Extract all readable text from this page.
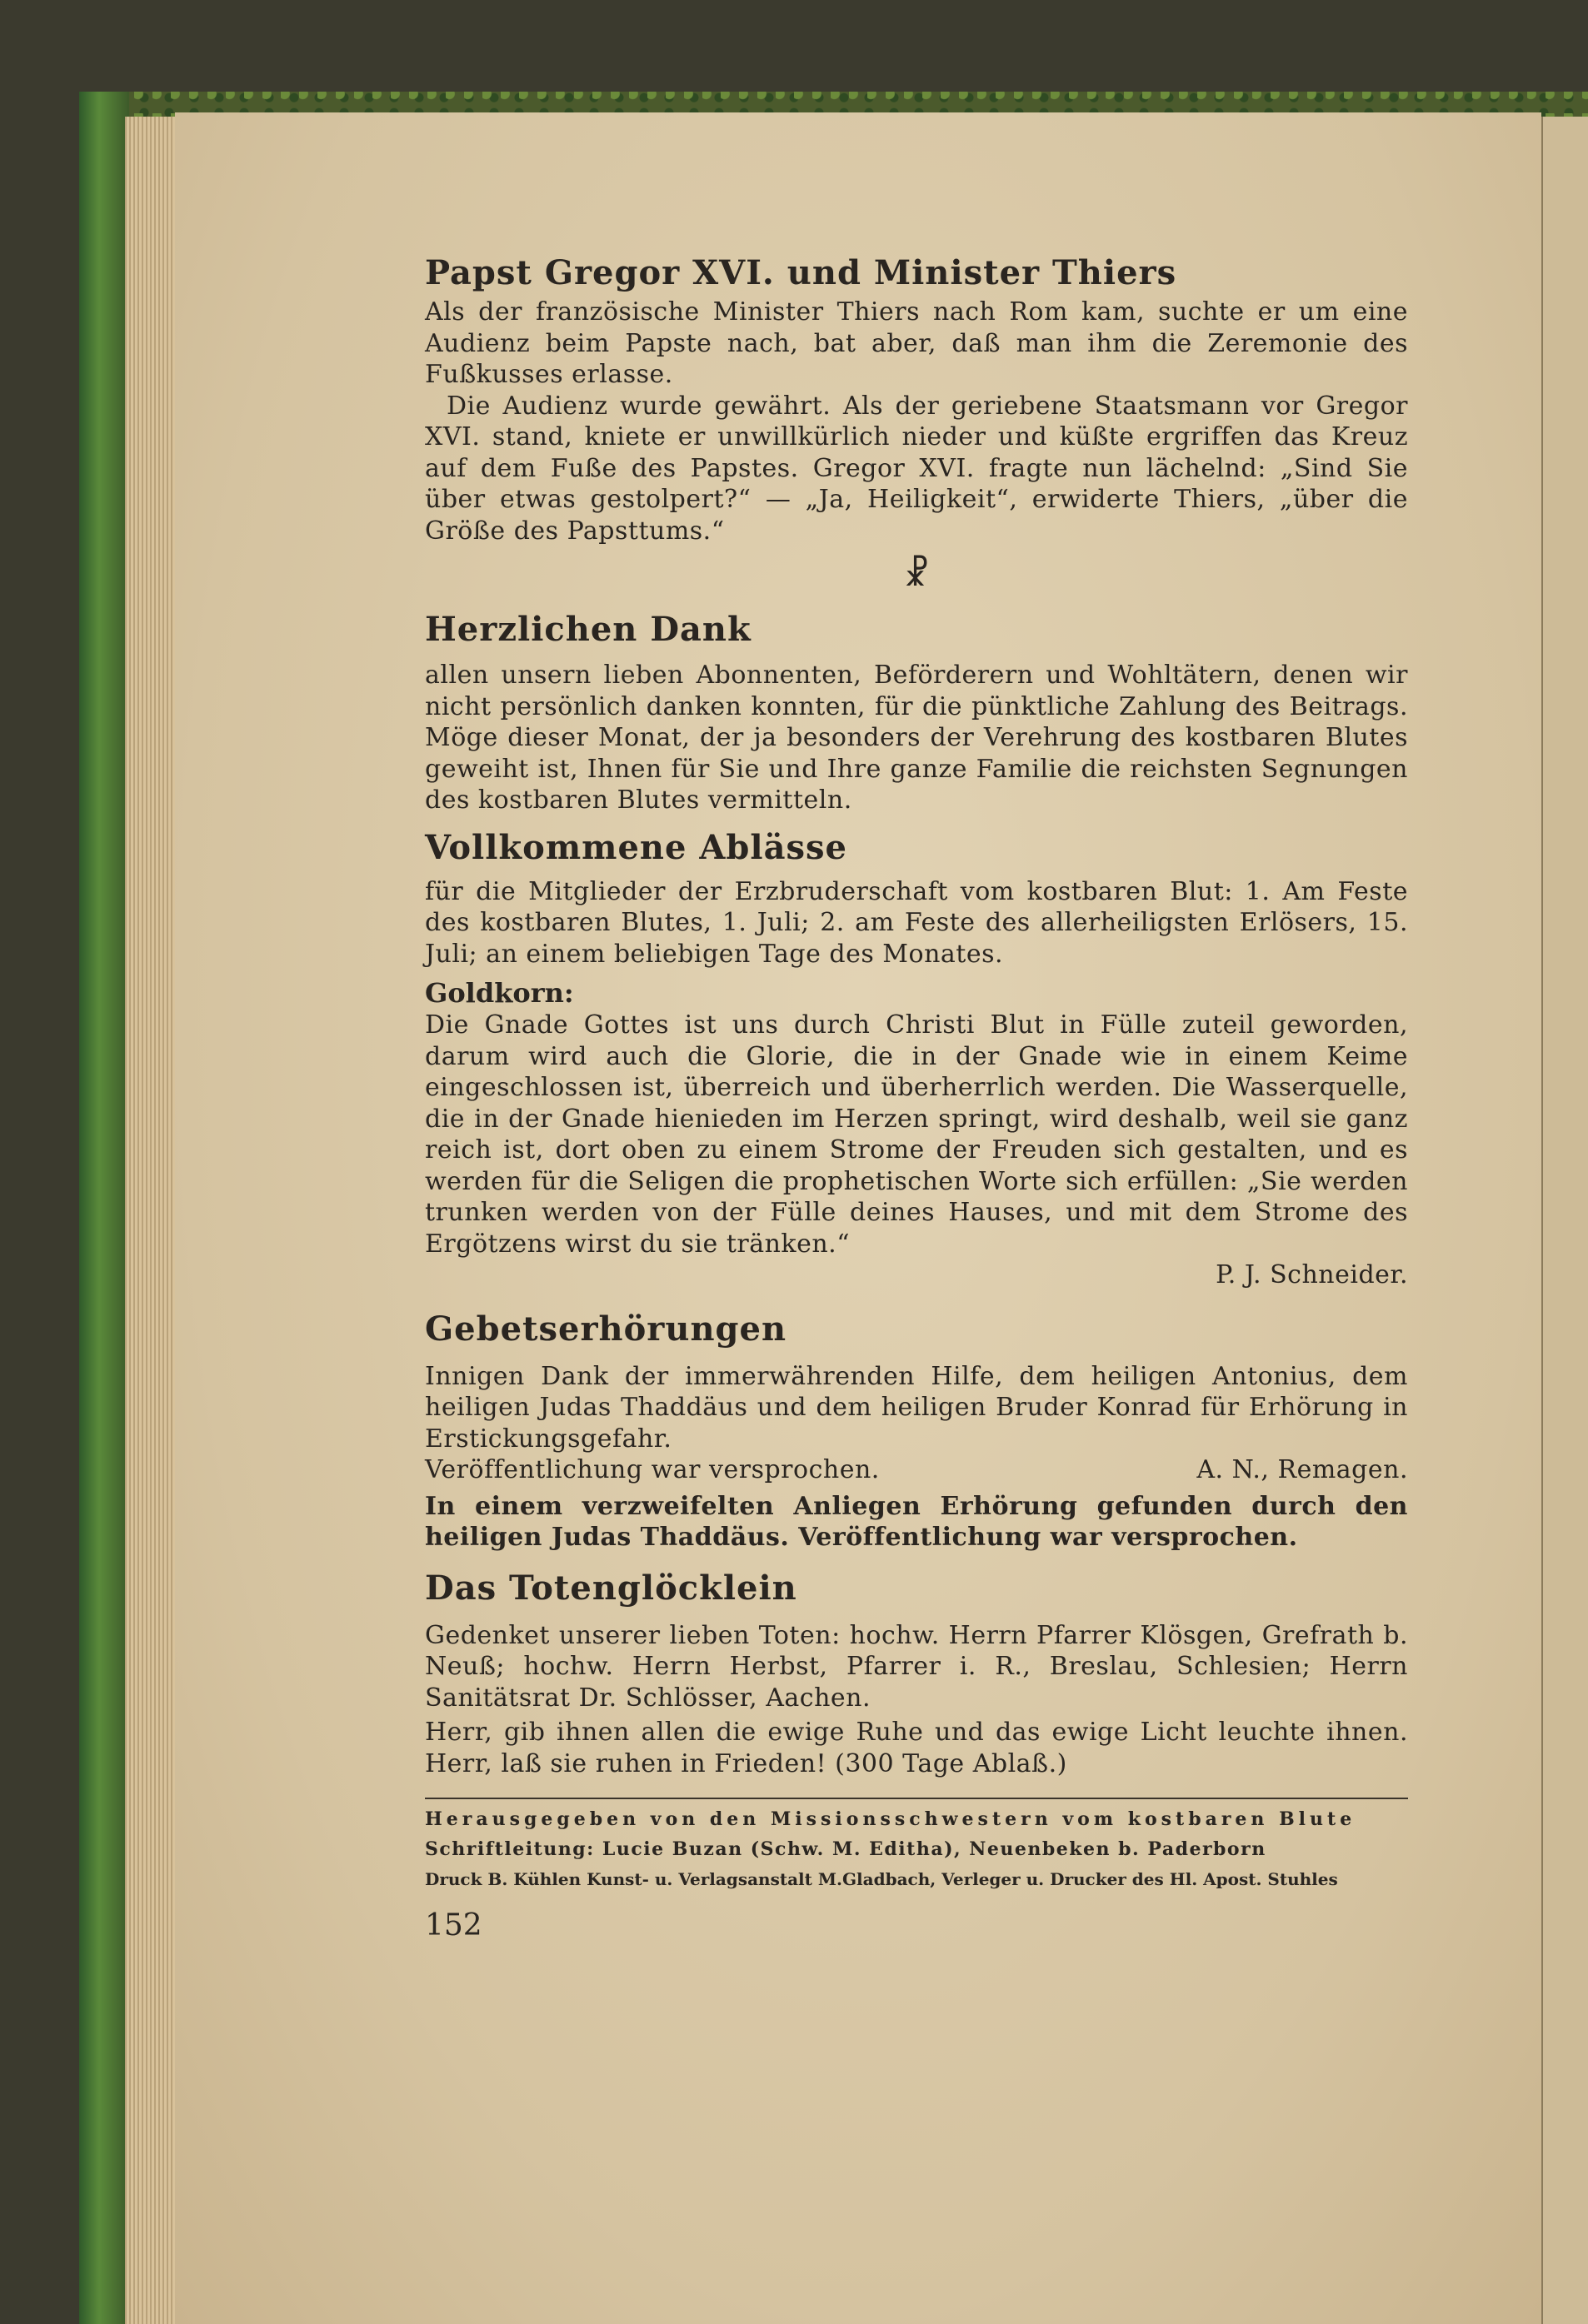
Papst Gregor XVI. und Minister Thiers

Als der französische Minister Thiers nach Rom kam, suchte er um eine Audienz beim Papste nach, bat aber, daß man ihm die Zeremonie des Fußkusses erlasse.

Die Audienz wurde gewährt. Als der geriebene Staatsmann vor Gregor XVI. stand, kniete er unwillkürlich nieder und küßte ergriffen das Kreuz auf dem Fuße des Papstes. Gregor XVI. fragte nun lächelnd: „Sind Sie über etwas gestolpert?“ — „Ja, Heiligkeit“, erwiderte Thiers, „über die Größe des Papsttums.“

☧

Herzlichen Dank

allen unsern lieben Abonnenten, Beförderern und Wohltätern, denen wir nicht persönlich danken konnten, für die pünktliche Zahlung des Beitrags. Möge dieser Monat, der ja besonders der Verehrung des kostbaren Blutes geweiht ist, Ihnen für Sie und Ihre ganze Familie die reichsten Segnungen des kostbaren Blutes vermitteln.

Vollkommene Ablässe

für die Mitglieder der Erzbruderschaft vom kostbaren Blut: 1. Am Feste des kostbaren Blutes, 1. Juli; 2. am Feste des allerheiligsten Erlösers, 15. Juli; an einem beliebigen Tage des Monates.

Goldkorn:

Die Gnade Gottes ist uns durch Christi Blut in Fülle zuteil geworden, darum wird auch die Glorie, die in der Gnade wie in einem Keime eingeschlossen ist, überreich und überherrlich werden. Die Wasserquelle, die in der Gnade hienieden im Herzen springt, wird deshalb, weil sie ganz reich ist, dort oben zu einem Strome der Freuden sich gestalten, und es werden für die Seligen die prophetischen Worte sich erfüllen: „Sie werden trunken werden von der Fülle deines Hauses, und mit dem Strome des Ergötzens wirst du sie tränken.“

P. J. Schneider.

Gebetserhörungen

Innigen Dank der immerwährenden Hilfe, dem heiligen Antonius, dem heiligen Judas Thaddäus und dem heiligen Bruder Konrad für Erhörung in Erstickungsgefahr.

Veröffentlichung war versprochen.	A. N., Remagen.

In einem verzweifelten Anliegen Erhörung gefunden durch den heiligen Judas Thaddäus. Veröffentlichung war versprochen.

Das Totenglöcklein

Gedenket unserer lieben Toten: hochw. Herrn Pfarrer Klösgen, Grefrath b. Neuß; hochw. Herrn Herbst, Pfarrer i. R., Breslau, Schlesien; Herrn Sanitätsrat Dr. Schlösser, Aachen.

Herr, gib ihnen allen die ewige Ruhe und das ewige Licht leuchte ihnen. Herr, laß sie ruhen in Frieden! (300 Tage Ablaß.)

Herausgegeben von den Missionsschwestern vom kostbaren Blute

Schriftleitung: Lucie Buzan (Schw. M. Editha), Neuenbeken b. Paderborn

Druck B. Kühlen Kunst- u. Verlagsanstalt M.Gladbach, Verleger u. Drucker des Hl. Apost. Stuhles

152
